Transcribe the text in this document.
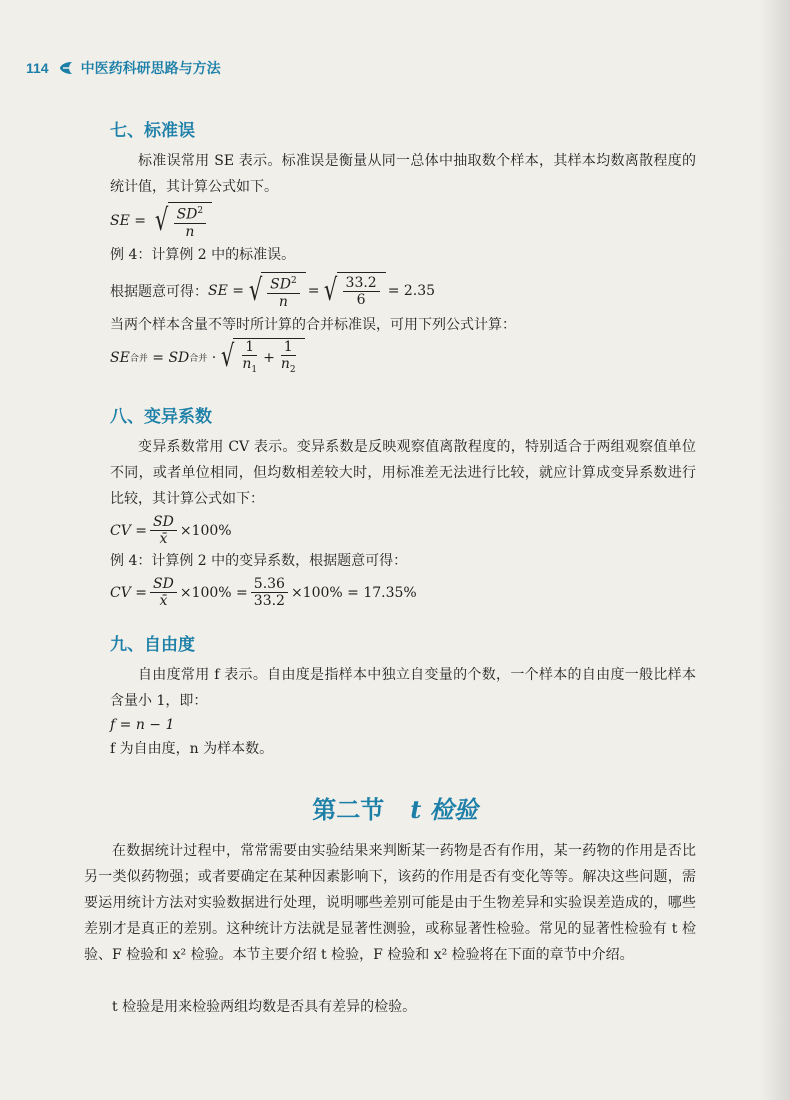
114 中医药科研思路与方法
七、标准误
标准误常用 SE 表示。标准误是衡量从同一总体中抽取数个样本，其样本均数离散程度的统计值，其计算公式如下。
SE = √ $\frac{SD^2}{n}$
例 4：计算例 2 中的标准误。
根据题意可得： SE = √ $\frac{SD^2}{n}$ = √ $\frac{33.2}{6} = 2.35$
当两个样本含量不等时所计算的合并标准误，可用下列公式计算：
SE 合并 = SD 合并 · √ $\frac{1}{n_1} + \frac{1}{n_2}$
八、变异系数
变异系数常用 CV 表示。变异系数是反映观察值离散程度的，特别适合于两组观察值单位不同，或者单位相同，但均数相差较大时，用标准差无法进行比较，就应计算成变异系数进行比较，其计算公式如下：
CV = $\frac{SD}{x̄} \times 100\%$
例 4：计算例 2 中的变异系数，根据题意可得：
CV = $\frac{SD}{x̄} \times 100\% = \frac{5.36}{33.2} \times 100\% = 17.35\%$
九、自由度
自由度常用 f 表示。自由度是指样本中独立自变量的个数，一个样本的自由度一般比样本含量小 1，即：
f = n − 1
f 为自由度，n 为样本数。
第二节 t 检验
在数据统计过程中，常常需要由实验结果来判断某一药物是否有作用，某一药物的作用是否比另一类似药物强；或者要确定在某种因素影响下，该药的作用是否有变化等等。解决这些问题，需要运用统计方法对实验数据进行处理，说明哪些差别可能是由于生物差异和实验误差造成的，哪些差别才是真正的差别。这种统计方法就是显著性测验，或称显著性检验。常见的显著性检验有 t 检验、F 检验和 x² 检验。本节主要介绍 t 检验，F 检验和 x² 检验将在下面的章节中介绍。
t 检验是用来检验两组均数是否具有差异的检验。
